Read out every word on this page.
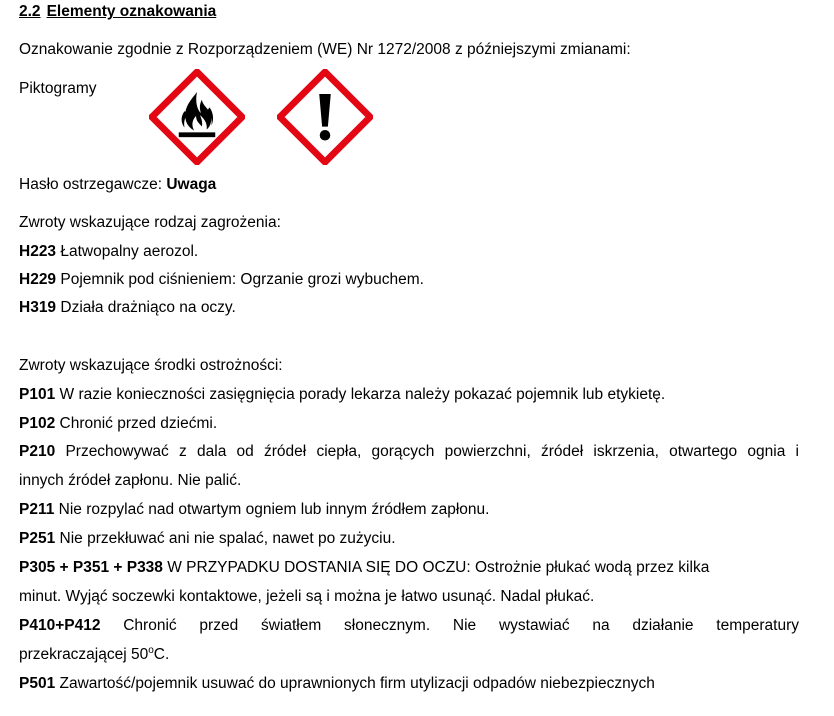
2.2 Elementy oznakowania
Oznakowanie zgodnie z Rozporządzeniem (WE) Nr 1272/2008 z późniejszymi zmianami:
Piktogramy
Hasło ostrzegawcze: Uwaga
Zwroty wskazujące rodzaj zagrożenia:
H223 Łatwopalny aerozol.
H229 Pojemnik pod ciśnieniem: Ogrzanie grozi wybuchem.
H319 Działa drażniąco na oczy.
Zwroty wskazujące środki ostrożności:
P101 W razie konieczności zasięgnięcia porady lekarza należy pokazać pojemnik lub etykietę.
P102 Chronić przed dziećmi.
P210 Przechowywać z dala od źródeł ciepła, gorących powierzchni, źródeł iskrzenia, otwartego ognia i
innych źródeł zapłonu. Nie palić.
P211 Nie rozpylać nad otwartym ogniem lub innym źródłem zapłonu.
P251 Nie przekłuwać ani nie spalać, nawet po zużyciu.
P305 + P351 + P338 W PRZYPADKU DOSTANIA SIĘ DO OCZU: Ostrożnie płukać wodą przez kilka
minut. Wyjąć soczewki kontaktowe, jeżeli są i można je łatwo usunąć. Nadal płukać.
P410+P412 Chronić przed światłem słonecznym. Nie wystawiać na działanie temperatury
przekraczającej 50$^o$C.
P501 Zawartość/pojemnik usuwać do uprawnionych firm utylizacji odpadów niebezpiecznych
